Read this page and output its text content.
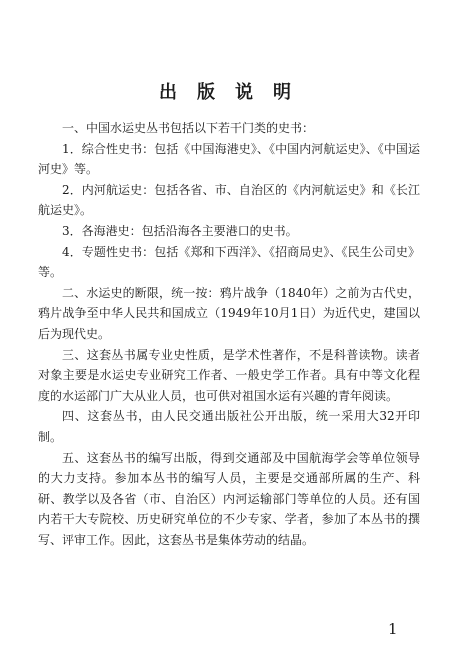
出版说明

一、中国水运史丛书包括以下若干门类的史书：

1．综合性史书：包括《中国海港史》、《中国内河航运史》、《中国运河史》等。

2．内河航运史：包括各省、市、自治区的《内河航运史》和《长江航运史》。

3．各海港史：包括沿海各主要港口的史书。

4．专题性史书：包括《郑和下西洋》、《招商局史》、《民生公司史》等。

二、水运史的断限，统一按：鸦片战争（1840年）之前为古代史，鸦片战争至中华人民共和国成立（1949年10月1日）为近代史，建国以后为现代史。

三、这套丛书属专业史性质，是学术性著作，不是科普读物。读者对象主要是水运史专业研究工作者、一般史学工作者。具有中等文化程度的水运部门广大从业人员，也可供对祖国水运有兴趣的青年阅读。

四、这套丛书，由人民交通出版社公开出版，统一采用大32开印制。

五、这套丛书的编写出版，得到交通部及中国航海学会等单位领导的大力支持。参加本丛书的编写人员，主要是交通部所属的生产、科研、教学以及各省（市、自治区）内河运输部门等单位的人员。还有国内若干大专院校、历史研究单位的不少专家、学者，参加了本丛书的撰写、评审工作。因此，这套丛书是集体劳动的结晶。

1
